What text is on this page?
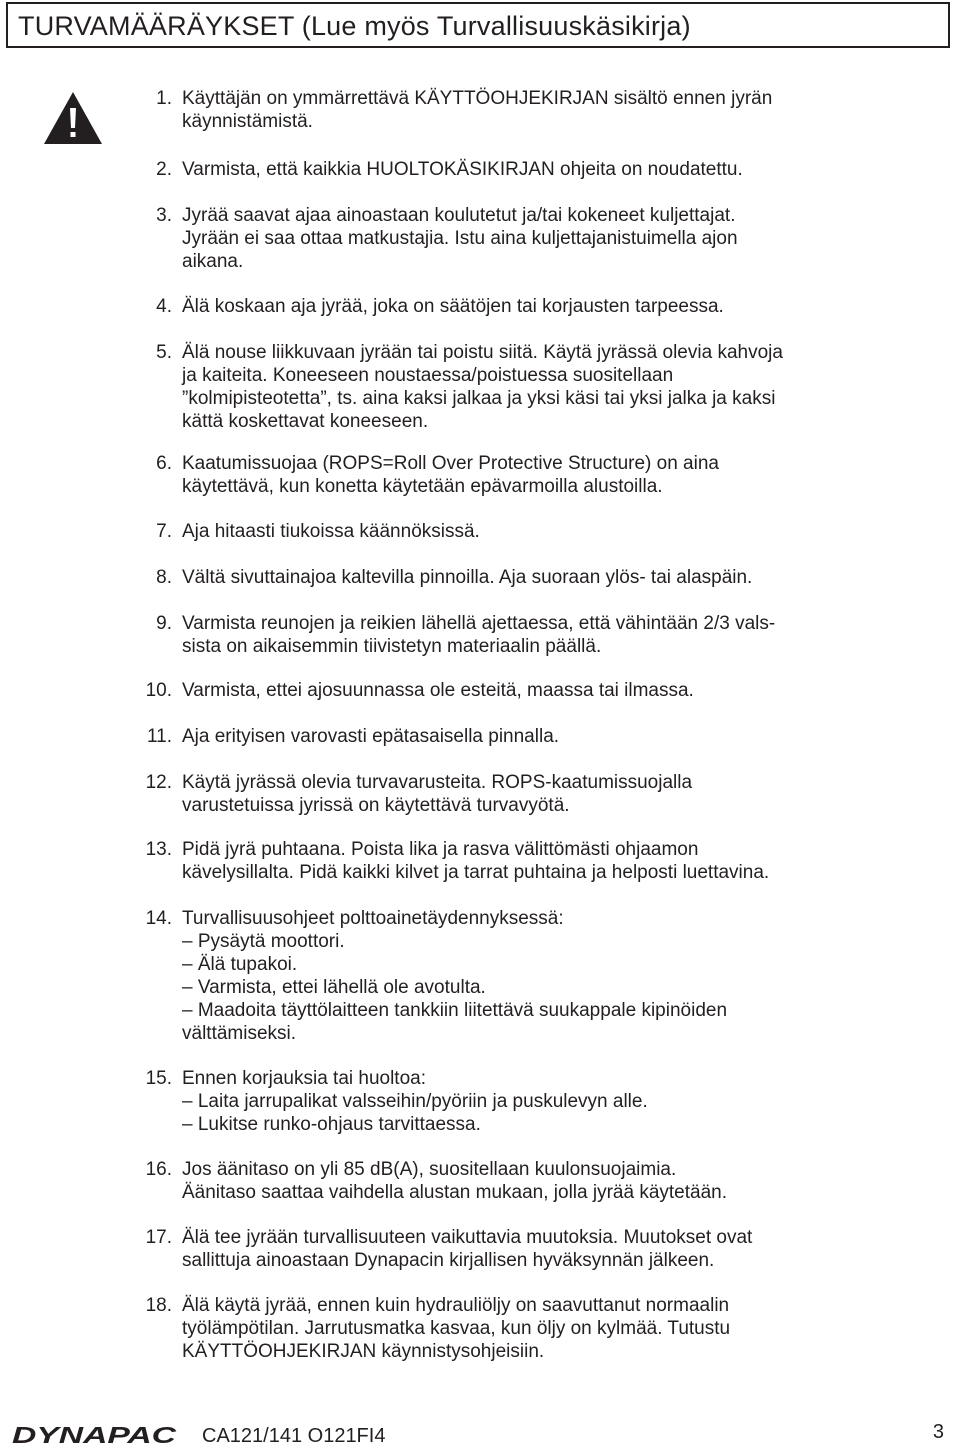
TURVAMÄÄRÄYKSET (Lue myös Turvallisuuskäsikirja)
1. Käyttäjän on ymmärrettävä KÄYTTÖOHJEKIRJAN sisältö ennen jyrän
käynnistämistä.
2. Varmista, että kaikkia HUOLTOKÄSIKIRJAN ohjeita on noudatettu.
3. Jyrää saavat ajaa ainoastaan koulutetut ja/tai kokeneet kuljettajat.
Jyrään ei saa ottaa matkustajia. Istu aina kuljettajanistuimella ajon
aikana.
4. Älä koskaan aja jyrää, joka on säätöjen tai korjausten tarpeessa.
5. Älä nouse liikkuvaan jyrään tai poistu siitä. Käytä jyrässä olevia kahvoja
ja kaiteita. Koneeseen noustaessa/poistuessa suositellaan
”kolmipisteotetta”, ts. aina kaksi jalkaa ja yksi käsi tai yksi jalka ja kaksi
kättä koskettavat koneeseen.
6. Kaatumissuojaa (ROPS=Roll Over Protective Structure) on aina
käytettävä, kun konetta käytetään epävarmoilla alustoilla.
7. Aja hitaasti tiukoissa käännöksissä.
8. Vältä sivuttainajoa kaltevilla pinnoilla. Aja suoraan ylös- tai alaspäin.
9. Varmista reunojen ja reikien lähellä ajettaessa, että vähintään 2/3 vals-
sista on aikaisemmin tiivistetyn materiaalin päällä.
10. Varmista, ettei ajosuunnassa ole esteitä, maassa tai ilmassa.
11. Aja erityisen varovasti epätasaisella pinnalla.
12. Käytä jyrässä olevia turvavarusteita. ROPS-kaatumissuojalla
varustetuissa jyrissä on käytettävä turvavyötä.
13. Pidä jyrä puhtaana. Poista lika ja rasva välittömästi ohjaamon
kävelysillalta. Pidä kaikki kilvet ja tarrat puhtaina ja helposti luettavina.
14. Turvallisuusohjeet polttoainetäydennyksessä:
– Pysäytä moottori.
– Älä tupakoi.
– Varmista, ettei lähellä ole avotulta.
– Maadoita täyttölaitteen tankkiin liitettävä suukappale kipinöiden
välttämiseksi.
15. Ennen korjauksia tai huoltoa:
– Laita jarrupalikat valsseihin/pyöriin ja puskulevyn alle.
– Lukitse runko-ohjaus tarvittaessa.
16. Jos äänitaso on yli 85 dB(A), suositellaan kuulonsuojaimia.
Äänitaso saattaa vaihdella alustan mukaan, jolla jyrää käytetään.
17. Älä tee jyrään turvallisuuteen vaikuttavia muutoksia. Muutokset ovat
sallittuja ainoastaan Dynapacin kirjallisen hyväksynnän jälkeen.
18. Älä käytä jyrää, ennen kuin hydrauliöljy on saavuttanut normaalin
työlämpötilan. Jarrutusmatka kasvaa, kun öljy on kylmää. Tutustu
KÄYTTÖOHJEKIRJAN käynnistysohjeisiin.
DYNAPAC CA121/141 O121FI4	3
